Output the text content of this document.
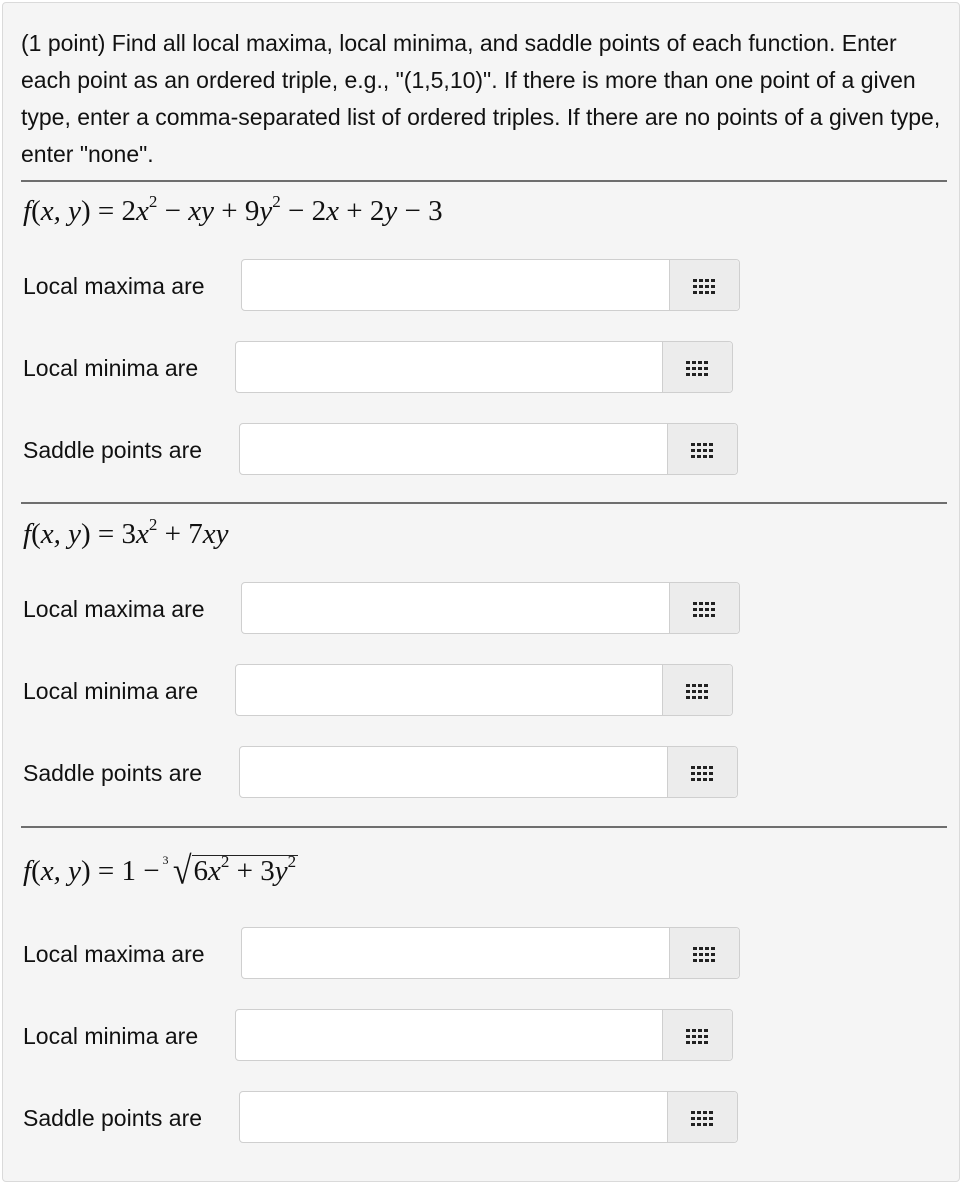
(1 point) Find all local maxima, local minima, and saddle points of each function. Enter each point as an ordered triple, e.g., "(1,5,10)". If there is more than one point of a given type, enter a comma-separated list of ordered triples. If there are no points of a given type, enter "none".

f(x, $y) = 2x^2$ − xy + $9y^2 - 2x + 2y - 3$
Local maxima are
Local minima are
Saddle points are
f(x, $y) = 3x^2 + 7xy$
Local maxima are
Local minima are
Saddle points are
f(x, y) = 1 − √
3 $6x^2 + 3y^2$
Local maxima are
Local minima are
Saddle points are
